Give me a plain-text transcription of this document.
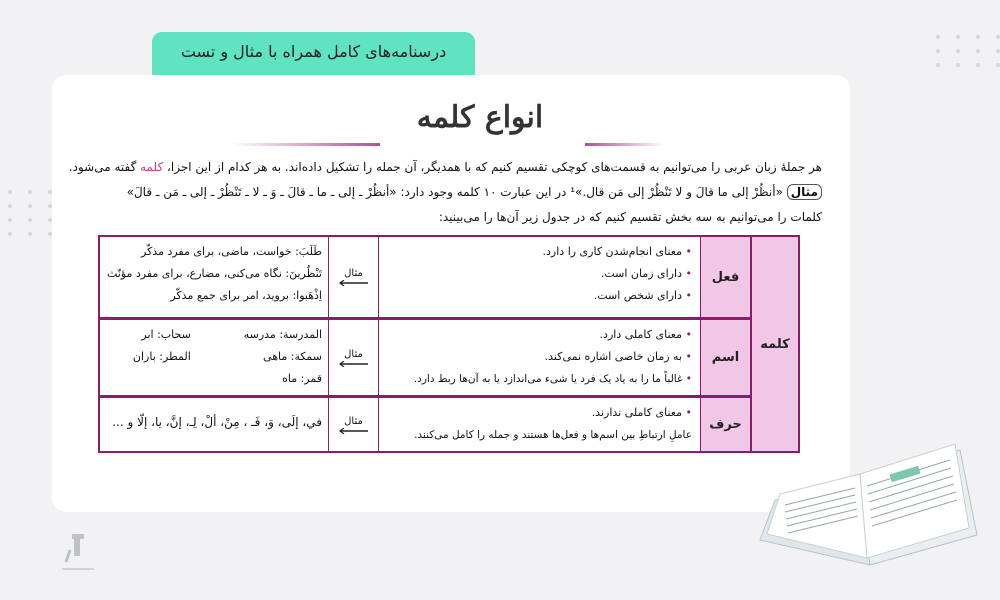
درسنامه‌های کامل همراه با مثال و تست
انواع کلمه
هر جملهٔ زبان عربی را می‌توانیم به قسمت‌های کوچکی تقسیم کنیم که با همدیگر، آن جمله را تشکیل داده‌اند. به هر کدام از این اجزا، کلمه گفته می‌شود.
مثال «أنظُرْ إلى ما قالَ و لا تَنْظُرْ إلى مَن قال.»¹ در این عبارت ۱۰ کلمه وجود دارد: «أنظُرْ ـ إلى ـ ما ـ قالَ ـ وَ ـ لا ـ تَنْظُرْ ـ إلى ـ مَن ـ قالَ»
کلمات را می‌توانیم به سه بخش تقسیم کنیم که در جدول زیر آن‌ها را می‌بینید:
کلمه
فعل
• معنای انجام‌شدن کاری را دارد.
• دارای زمان است.
• دارای شخص است.
مثال
طَلَبَ: خواست، ماضی، برای مفرد مذکّر
تَنْظُرینَ: نگاه می‌کنی، مضارع، برای مفرد مؤنّث
اِذْهَبوا: بروید، امر برای جمع مذکّر
اسم
• معنای کاملی دارد.
• به زمان خاصی اشاره نمی‌کند.
• غالباً ما را به یاد یک فرد یا شیء می‌اندازد یا به آن‌ها ربط دارد.
مثال
المدرسة: مدرسه
سحاب: ابر
سمكة: ماهی
المطر: باران
قمر: ماه
حرف
• معنای کاملی ندارند.
عاملِ ارتباطِ بین اسم‌ها و فعل‌ها هستند و جمله را کامل می‌کنند.
مثال
في، إلَى، وَ، فَـ ، مِنْ، ألْ، لِـ، إنَّ، يا، إلّا و ...
